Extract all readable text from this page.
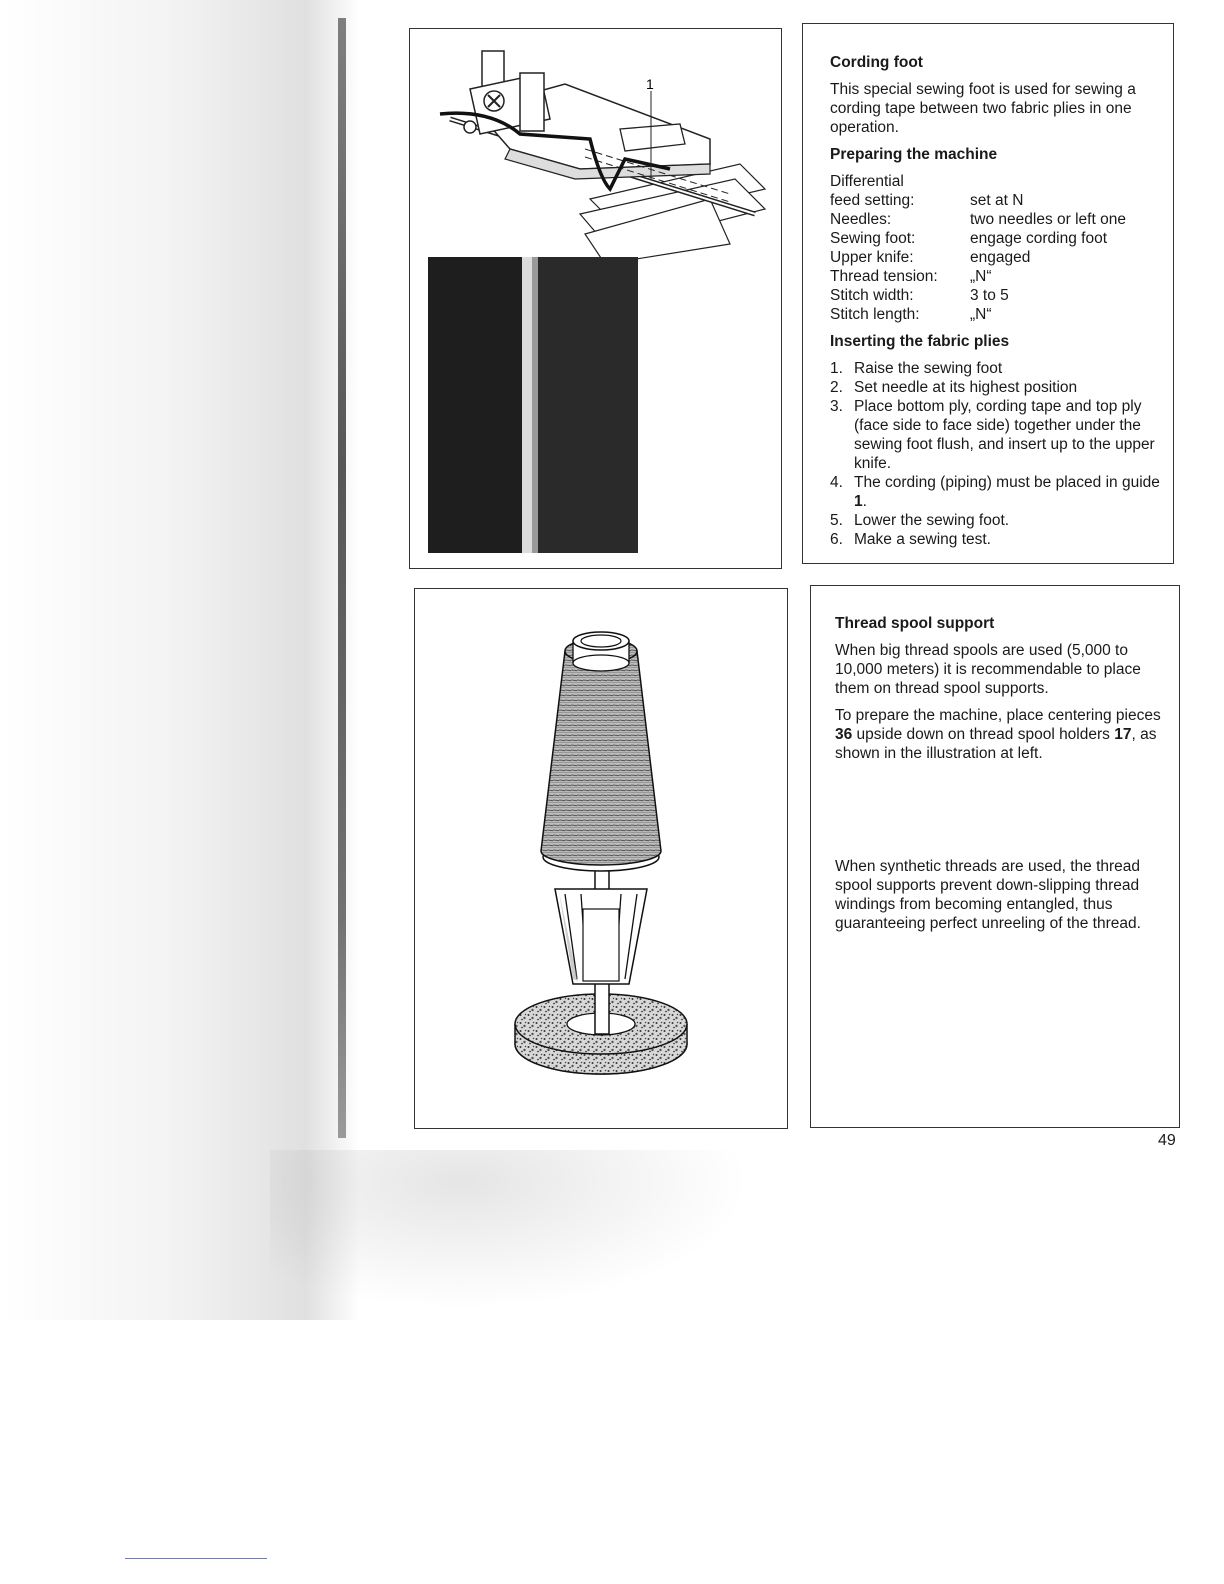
1
Cording foot

This special sewing foot is used for sewing a cording tape between two fabric plies in one operation.

Preparing the machine
Differential
feed setting:	set at N
Needles:	two needles or left one
Sewing foot:	engage cording foot
Upper knife:	engaged
Thread tension:	„N“
Stitch width:	3 to 5
Stitch length:	„N“
Inserting the fabric plies
1. Raise the sewing foot
2. Set needle at its highest position
3. Place bottom ply, cording tape and top ply (face side to face side) together under the sewing foot flush, and insert up to the upper knife.
4. The cording (piping) must be placed in guide 1.
5. Lower the sewing foot.
6. Make a sewing test.
Thread spool support

When big thread spools are used (5,000 to 10,000 meters) it is recommendable to place them on thread spool supports.

To prepare the machine, place centering pieces 36 upside down on thread spool holders 17, as shown in the illustration at left.

When synthetic threads are used, the thread spool supports prevent down-slipping thread windings from becoming entangled, thus guaranteeing perfect unreeling of the thread.

49
